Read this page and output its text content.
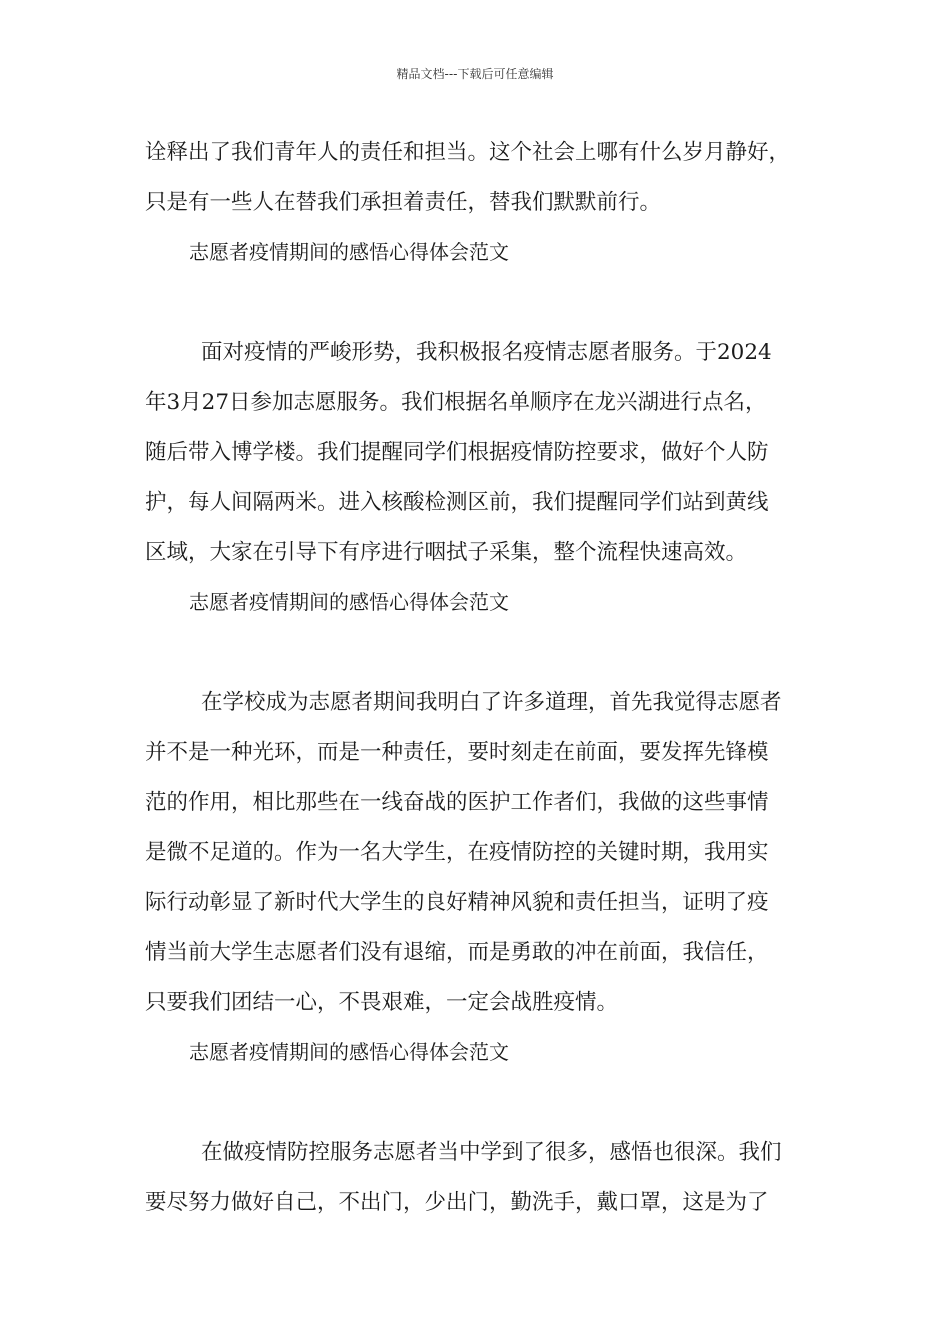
精品文档---下载后可任意编辑
诠释出了我们青年人的责任和担当。这个社会上哪有什么岁月静好，
只是有一些人在替我们承担着责任，替我们默默前行。
志愿者疫情期间的感悟心得体会范文
面对疫情的严峻形势，我积极报名疫情志愿者服务。于2024
年3月27日参加志愿服务。我们根据名单顺序在龙兴湖进行点名，
随后带入博学楼。我们提醒同学们根据疫情防控要求，做好个人防
护，每人间隔两米。进入核酸检测区前，我们提醒同学们站到黄线
区域，大家在引导下有序进行咽拭子采集，整个流程快速高效。
志愿者疫情期间的感悟心得体会范文
在学校成为志愿者期间我明白了许多道理，首先我觉得志愿者
并不是一种光环，而是一种责任，要时刻走在前面，要发挥先锋模
范的作用，相比那些在一线奋战的医护工作者们，我做的这些事情
是微不足道的。作为一名大学生，在疫情防控的关键时期，我用实
际行动彰显了新时代大学生的良好精神风貌和责任担当，证明了疫
情当前大学生志愿者们没有退缩，而是勇敢的冲在前面，我信任，
只要我们团结一心，不畏艰难，一定会战胜疫情。
志愿者疫情期间的感悟心得体会范文
在做疫情防控服务志愿者当中学到了很多，感悟也很深。我们
要尽努力做好自己，不出门，少出门，勤洗手，戴口罩，这是为了
